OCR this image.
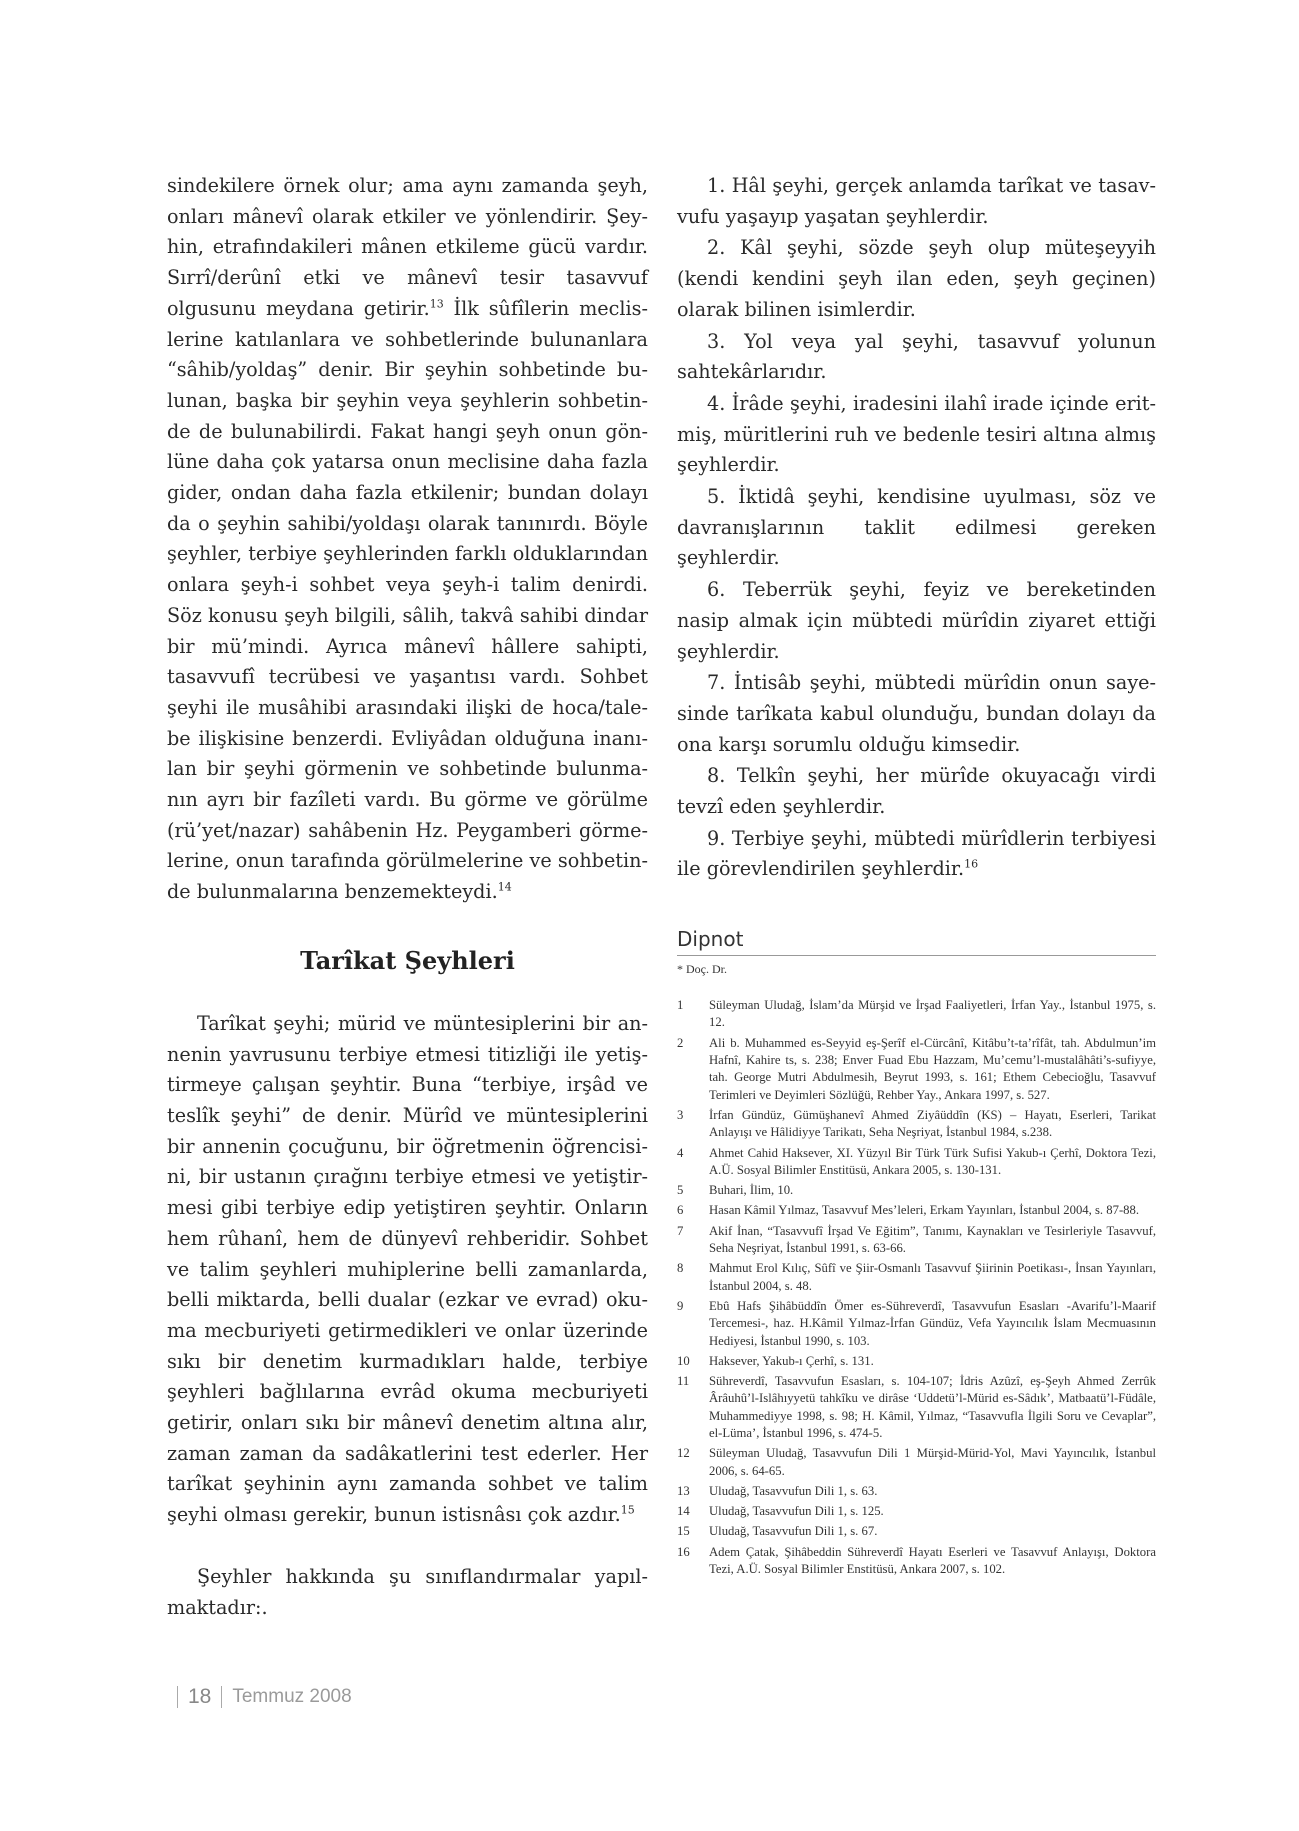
sindekilere örnek olur; ama aynı zamanda şeyh, onları mânevî olarak etkiler ve yönlendirir. Şeyhin, etrafındakileri mânen etkileme gücü vardır. Sırrî/derûnî etki ve mânevî tesir tasavvuf olgusunu meydana getirir.$^{13}$ İlk sûfîlerin meclislerine katılanlara ve sohbetlerinde bulunanlara “sâhib/yoldaş” denir. Bir şeyhin sohbetinde bulunan, başka bir şeyhin veya şeyhlerin sohbetinde de bulunabilirdi. Fakat hangi şeyh onun gönlüne daha çok yatarsa onun meclisine daha fazla gider, ondan daha fazla etkilenir; bundan dolayı da o şeyhin sahibi/yoldaşı olarak tanınırdı. Böyle şeyhler, terbiye şeyhlerinden farklı olduklarından onlara şeyh-i sohbet veya şeyh-i talim denirdi. Söz konusu şeyh bilgili, sâlih, takvâ sahibi dindar bir mü’mindi. Ayrıca mânevî hâllere sahipti, tasavvufî tecrübesi ve yaşantısı vardı. Sohbet şeyhi ile musâhibi arasındaki ilişki de hoca/talebe ilişkisine benzerdi. Evliyâdan olduğuna inanılan bir şeyhi görmenin ve sohbetinde bulunmanın ayrı bir fazîleti vardı. Bu görme ve görülme (rü’yet/nazar) sahâbenin Hz. Peygamberi görmelerine, onun tarafında görülmelerine ve sohbetinde bulunmalarına benzemekteydi.$^{14}$

Tarîkat Şeyhleri

Tarîkat şeyhi; mürid ve müntesiplerini bir annenin yavrusunu terbiye etmesi titizliği ile yetiştirmeye çalışan şeyhtir. Buna “terbiye, irşâd ve teslîk şeyhi” de denir. Mürîd ve müntesiplerini bir annenin çocuğunu, bir öğretmenin öğrencisini, bir ustanın çırağını terbiye etmesi ve yetiştirmesi gibi terbiye edip yetiştiren şeyhtir. Onların hem rûhanî, hem de dünyevî rehberidir. Sohbet ve talim şeyhleri muhiplerine belli zamanlarda, belli miktarda, belli dualar (ezkar ve evrad) okuma mecburiyeti getirmedikleri ve onlar üzerinde sıkı bir denetim kurmadıkları halde, terbiye şeyhleri bağlılarına evrâd okuma mecburiyeti getirir, onları sıkı bir mânevî denetim altına alır, zaman zaman da sadâkatlerini test ederler. Her tarîkat şeyhinin aynı zamanda sohbet ve talim şeyhi olması gerekir, bunun istisnâsı çok azdır.$^{15}$

Şeyhler hakkında şu sınıflandırmalar yapılmaktadır:.

1. Hâl şeyhi, gerçek anlamda tarîkat ve tasavvufu yaşayıp yaşatan şeyhlerdir.

2. Kâl şeyhi, sözde şeyh olup müteşeyyih (kendi kendini şeyh ilan eden, şeyh geçinen) olarak bilinen isimlerdir.

3. Yol veya yal şeyhi, tasavvuf yolunun sahtekârlarıdır.

4. İrâde şeyhi, iradesini ilahî irade içinde eritmiş, müritlerini ruh ve bedenle tesiri altına almış şeyhlerdir.

5. İktidâ şeyhi, kendisine uyulması, söz ve davranışlarının taklit edilmesi gereken şeyhlerdir.

6. Teberrük şeyhi, feyiz ve bereketinden nasip almak için mübtedi mürîdin ziyaret ettiği şeyhlerdir.

7. İntisâb şeyhi, mübtedi mürîdin onun sayesinde tarîkata kabul olunduğu, bundan dolayı da ona karşı sorumlu olduğu kimsedir.

8. Telkîn şeyhi, her mürîde okuyacağı virdi tevzî eden şeyhlerdir.

9. Terbiye şeyhi, mübtedi mürîdlerin terbiyesi ile görevlendirilen şeyhlerdir.$^{16}$

Dipnot
* Doç. Dr.
1	Süleyman Uludağ, İslam’da Mürşid ve İrşad Faaliyetleri, İrfan Yay., İstanbul 1975, s. 12.
2	Ali b. Muhammed es-Seyyid eş-Şerîf el-Cürcânî, Kitâbu’t-ta’rîfât, tah. Abdulmun’im Hafnî, Kahire ts, s. 238; Enver Fuad Ebu Hazzam, Mu’cemu’l-mustalâhâti’s-sufiyye, tah. George Mutri Abdulmesih, Beyrut 1993, s. 161; Ethem Cebecioğlu, Tasavvuf Terimleri ve Deyimleri Sözlüğü, Rehber Yay., Ankara 1997, s. 527.
3	İrfan Gündüz, Gümüşhanevî Ahmed Ziyâüddîn (KS) – Hayatı, Eserleri, Tarikat Anlayışı ve Hâlidiyye Tarikatı, Seha Neşriyat, İstanbul 1984, s.238.
4	Ahmet Cahid Haksever, XI. Yüzyıl Bir Türk Türk Sufisi Yakub-ı Çerhî, Doktora Tezi, A.Ü. Sosyal Bilimler Enstitüsü, Ankara 2005, s. 130-131.
5	Buhari, İlim, 10.
6	Hasan Kâmil Yılmaz, Tasavvuf Mes’leleri, Erkam Yayınları, İstanbul 2004, s. 87-88.
7	Akif İnan, “Tasavvufî İrşad Ve Eğitim”, Tanımı, Kaynakları ve Tesirleriyle Tasavvuf, Seha Neşriyat, İstanbul 1991, s. 63-66.
8	Mahmut Erol Kılıç, Sûfî ve Şiir-Osmanlı Tasavvuf Şiirinin Poetikası-, İnsan Yayınları, İstanbul 2004, s. 48.
9	Ebû Hafs Şihâbüddîn Ömer es-Sühreverdî, Tasavvufun Esasları -Avarifu’l-Maarif Tercemesi-, haz. H.Kâmil Yılmaz-İrfan Gündüz, Vefa Yayıncılık İslam Mecmuasının Hediyesi, İstanbul 1990, s. 103.
10	Haksever, Yakub-ı Çerhî, s. 131.
11	Sühreverdî, Tasavvufun Esasları, s. 104-107; İdris Azûzî, eş-Şeyh Ahmed Zerrûk Ârâuhû’l-Islâhıyyetü tahkîku ve dirâse ‘Uddetü’l-Mürid es-Sâdık’, Matbaatü’l-Füdâle, Muhammediyye 1998, s. 98; H. Kâmil, Yılmaz, “Tasavvufla İlgili Soru ve Cevaplar”, el-Lüma’, İstanbul 1996, s. 474-5.
12	Süleyman Uludağ, Tasavvufun Dili 1 Mürşid-Mürid-Yol, Mavi Yayıncılık, İstanbul 2006, s. 64-65.
13	Uludağ, Tasavvufun Dili 1, s. 63.
14	Uludağ, Tasavvufun Dili 1, s. 125.
15	Uludağ, Tasavvufun Dili 1, s. 67.
16	Adem Çatak, Şihâbeddin Sühreverdî Hayatı Eserleri ve Tasavvuf Anlayışı, Doktora Tezi, A.Ü. Sosyal Bilimler Enstitüsü, Ankara 2007, s. 102.
18 Temmuz 2008
